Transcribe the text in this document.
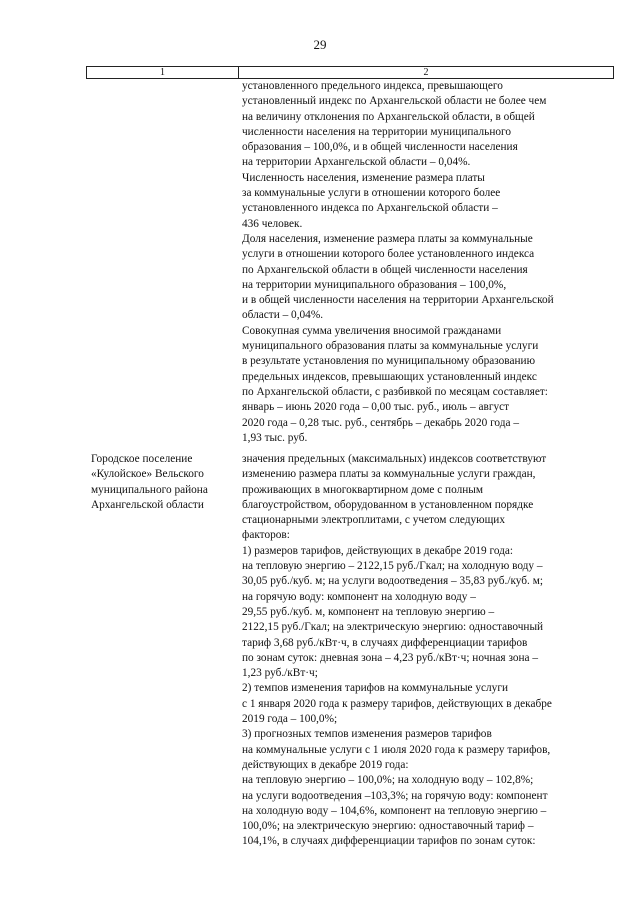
29
1	2
установленного предельного индекса, превышающего
установленный индекс по Архангельской области не более чем
на величину отклонения по Архангельской области, в общей
численности населения на территории муниципального
образования – 100,0%, и в общей численности населения
на территории Архангельской области – 0,04%.
Численность населения, изменение размера платы
за коммунальные услуги в отношении которого более
установленного индекса по Архангельской области –
436 человек.
Доля населения, изменение размера платы за коммунальные
услуги в отношении которого более установленного индекса
по Архангельской области в общей численности населения
на территории муниципального образования – 100,0%,
и в общей численности населения на территории Архангельской
области – 0,04%.
Совокупная сумма увеличения вносимой гражданами
муниципального образования платы за коммунальные услуги
в результате установления по муниципальному образованию
предельных индексов, превышающих установленный индекс
по Архангельской области, с разбивкой по месяцам составляет:
январь – июнь 2020 года – 0,00 тыс. руб., июль – август
2020 года – 0,28 тыс. руб., сентябрь – декабрь 2020 года –
1,93 тыс. руб.
Городское поселение
«Кулойское» Вельского
муниципального района
Архангельской области
значения предельных (максимальных) индексов соответствуют
изменению размера платы за коммунальные услуги граждан,
проживающих в многоквартирном доме с полным
благоустройством, оборудованном в установленном порядке
стационарными электроплитами, с учетом следующих
факторов:
1) размеров тарифов, действующих в декабре 2019 года:
на тепловую энергию – 2122,15 руб./Гкал; на холодную воду –
30,05 руб./куб. м; на услуги водоотведения – 35,83 руб./куб. м;
на горячую воду: компонент на холодную воду –
29,55 руб./куб. м, компонент на тепловую энергию –
2122,15 руб./Гкал; на электрическую энергию: одноставочный
тариф 3,68 руб./кВт·ч, в случаях дифференциации тарифов
по зонам суток: дневная зона – 4,23 руб./кВт·ч; ночная зона –
1,23 руб./кВт·ч;
2) темпов изменения тарифов на коммунальные услуги
с 1 января 2020 года к размеру тарифов, действующих в декабре
2019 года – 100,0%;
3) прогнозных темпов изменения размеров тарифов
на коммунальные услуги с 1 июля 2020 года к размеру тарифов,
действующих в декабре 2019 года:
на тепловую энергию – 100,0%; на холодную воду – 102,8%;
на услуги водоотведения –103,3%; на горячую воду: компонент
на холодную воду – 104,6%, компонент на тепловую энергию –
100,0%; на электрическую энергию: одноставочный тариф –
104,1%, в случаях дифференциации тарифов по зонам суток:
